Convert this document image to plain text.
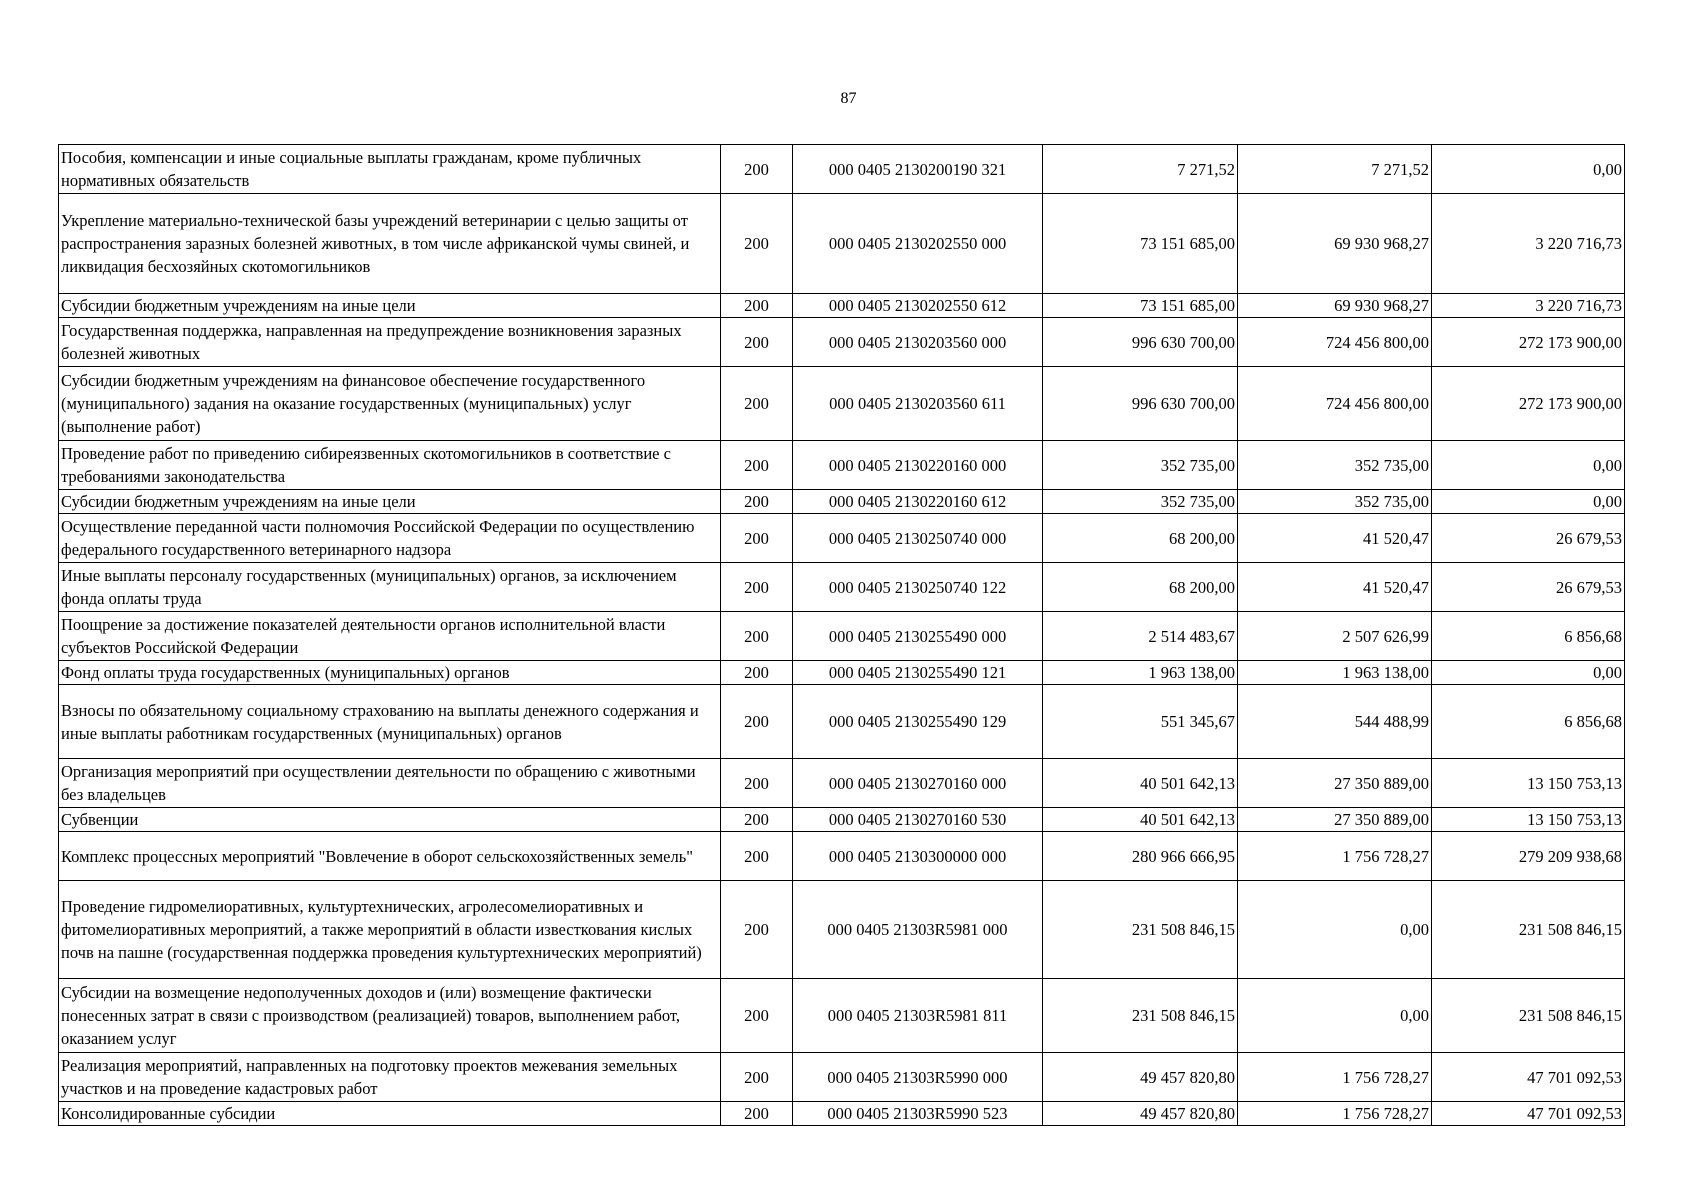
87
Пособия, компенсации и иные социальные выплаты гражданам, кроме публичных нормативных обязательств	200	000 0405 2130200190 321	7 271,52	7 271,52	0,00
Укрепление материально-технической базы учреждений ветеринарии с целью защиты от распространения заразных болезней животных, в том числе африканской чумы свиней, и ликвидация бесхозяйных скотомогильников	200	000 0405 2130202550 000	73 151 685,00	69 930 968,27	3 220 716,73
Субсидии бюджетным учреждениям на иные цели	200	000 0405 2130202550 612	73 151 685,00	69 930 968,27	3 220 716,73
Государственная поддержка, направленная на предупреждение возникновения заразных болезней животных	200	000 0405 2130203560 000	996 630 700,00	724 456 800,00	272 173 900,00
Субсидии бюджетным учреждениям на финансовое обеспечение государственного (муниципального) задания на оказание государственных (муниципальных) услуг (выполнение работ)	200	000 0405 2130203560 611	996 630 700,00	724 456 800,00	272 173 900,00
Проведение работ по приведению сибиреязвенных скотомогильников в соответствие с требованиями законодательства	200	000 0405 2130220160 000	352 735,00	352 735,00	0,00
Субсидии бюджетным учреждениям на иные цели	200	000 0405 2130220160 612	352 735,00	352 735,00	0,00
Осуществление переданной части полномочия Российской Федерации по осуществлению федерального государственного ветеринарного надзора	200	000 0405 2130250740 000	68 200,00	41 520,47	26 679,53
Иные выплаты персоналу государственных (муниципальных) органов, за исключением фонда оплаты труда	200	000 0405 2130250740 122	68 200,00	41 520,47	26 679,53
Поощрение за достижение показателей деятельности органов исполнительной власти субъектов Российской Федерации	200	000 0405 2130255490 000	2 514 483,67	2 507 626,99	6 856,68
Фонд оплаты труда государственных (муниципальных) органов	200	000 0405 2130255490 121	1 963 138,00	1 963 138,00	0,00
Взносы по обязательному социальному страхованию на выплаты денежного содержания и иные выплаты работникам государственных (муниципальных) органов	200	000 0405 2130255490 129	551 345,67	544 488,99	6 856,68
Организация мероприятий при осуществлении деятельности по обращению с животными без владельцев	200	000 0405 2130270160 000	40 501 642,13	27 350 889,00	13 150 753,13
Субвенции	200	000 0405 2130270160 530	40 501 642,13	27 350 889,00	13 150 753,13
Комплекс процессных мероприятий "Вовлечение в оборот сельскохозяйственных земель"	200	000 0405 2130300000 000	280 966 666,95	1 756 728,27	279 209 938,68
Проведение гидромелиоративных, культуртехнических, агролесомелиоративных и фитомелиоративных мероприятий, а также мероприятий в области известкования кислых почв на пашне (государственная поддержка проведения культуртехнических мероприятий)	200	000 0405 21303R5981 000	231 508 846,15	0,00	231 508 846,15
Субсидии на возмещение недополученных доходов и (или) возмещение фактически понесенных затрат в связи с производством (реализацией) товаров, выполнением работ, оказанием услуг	200	000 0405 21303R5981 811	231 508 846,15	0,00	231 508 846,15
Реализация мероприятий, направленных на подготовку проектов межевания земельных участков и на проведение кадастровых работ	200	000 0405 21303R5990 000	49 457 820,80	1 756 728,27	47 701 092,53
Консолидированные субсидии	200	000 0405 21303R5990 523	49 457 820,80	1 756 728,27	47 701 092,53
